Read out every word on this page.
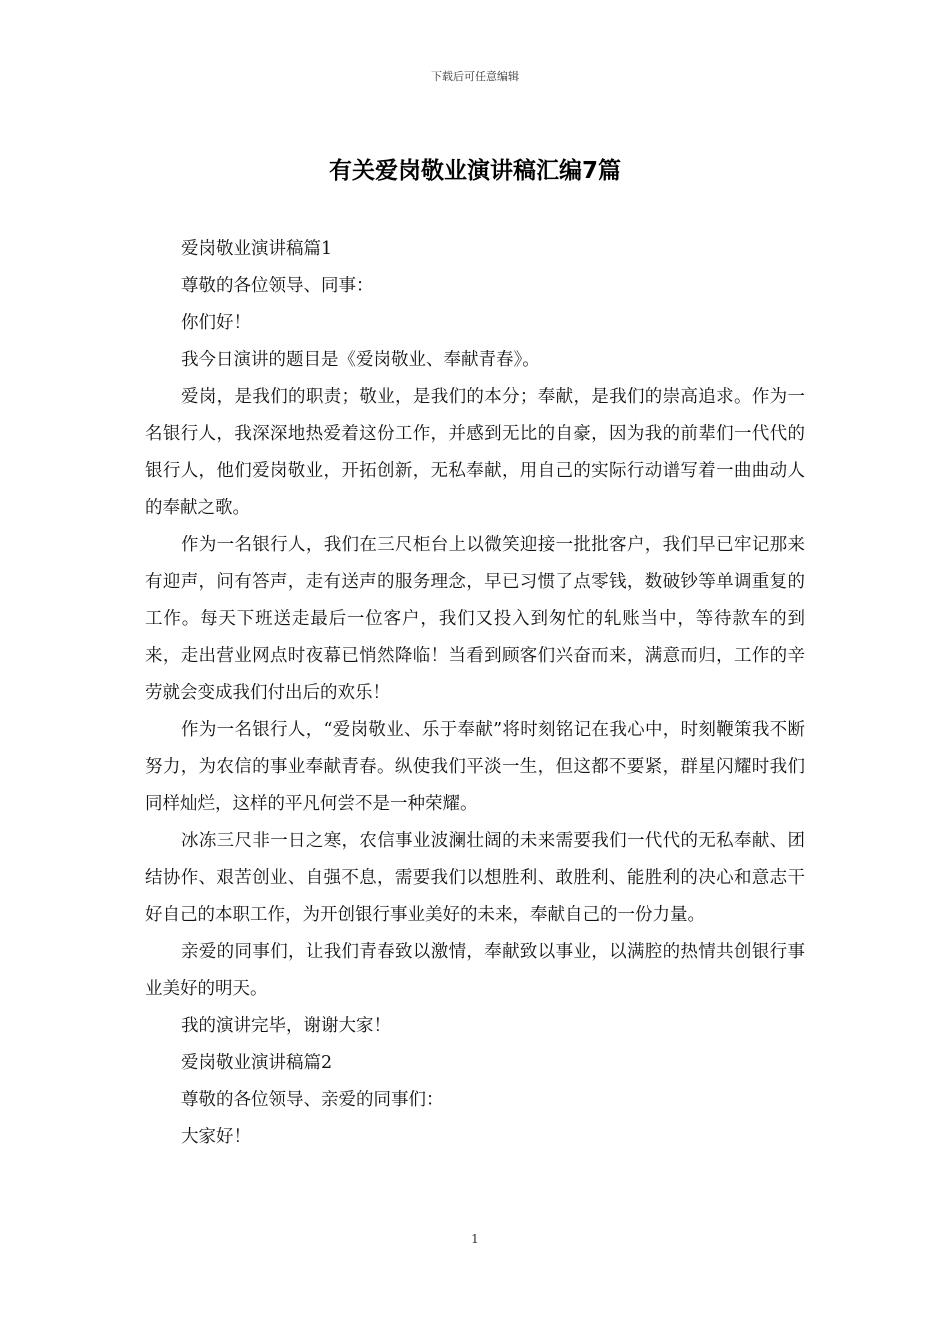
下载后可任意编辑
有关爱岗敬业演讲稿汇编7篇

爱岗敬业演讲稿篇1

尊敬的各位领导、同事：

你们好！

我今日演讲的题目是《爱岗敬业、奉献青春》。

爱岗，是我们的职责；敬业，是我们的本分；奉献，是我们的崇高追求。作为一名银行人，我深深地热爱着这份工作，并感到无比的自豪，因为我的前辈们一代代的银行人，他们爱岗敬业，开拓创新，无私奉献，用自己的实际行动谱写着一曲曲动人的奉献之歌。

作为一名银行人，我们在三尺柜台上以微笑迎接一批批客户，我们早已牢记那来有迎声，问有答声，走有送声的服务理念，早已习惯了点零钱，数破钞等单调重复的工作。每天下班送走最后一位客户，我们又投入到匆忙的轧账当中，等待款车的到来，走出营业网点时夜幕已悄然降临！当看到顾客们兴奋而来，满意而归，工作的辛劳就会变成我们付出后的欢乐！

作为一名银行人，“爱岗敬业、乐于奉献”将时刻铭记在我心中，时刻鞭策我不断努力，为农信的事业奉献青春。纵使我们平淡一生，但这都不要紧，群星闪耀时我们同样灿烂，这样的平凡何尝不是一种荣耀。

冰冻三尺非一日之寒，农信事业波澜壮阔的未来需要我们一代代的无私奉献、团结协作、艰苦创业、自强不息，需要我们以想胜利、敢胜利、能胜利的决心和意志干好自己的本职工作，为开创银行事业美好的未来，奉献自己的一份力量。

亲爱的同事们，让我们青春致以激情，奉献致以事业，以满腔的热情共创银行事业美好的明天。

我的演讲完毕，谢谢大家！

爱岗敬业演讲稿篇2

尊敬的各位领导、亲爱的同事们：

大家好！

1
